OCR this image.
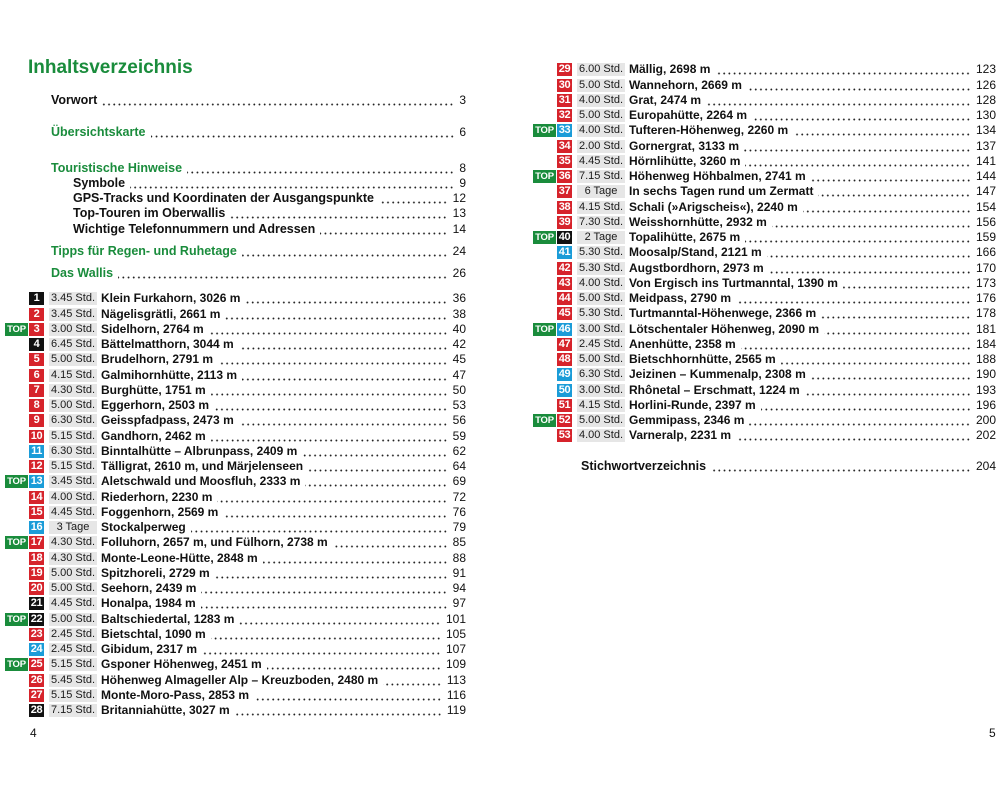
Inhaltsverzeichnis
Vorwort	3
Übersichtskarte	6
Touristische Hinweise	8
Symbole	9
GPS-Tracks und Koordinaten der Ausgangspunkte	12
Top-Touren im Oberwallis	13
Wichtige Telefonnummern und Adressen	14
Tipps für Regen- und Ruhetage	24
Das Wallis	26
1	3.45 Std. Klein Furkahorn, 3026 m	36
2	3.45 Std. Nägelisgrätli, 2661 m	38
TOP 3	3.00 Std. Sidelhorn, 2764 m	40
4	6.45 Std. Bättelmatthorn, 3044 m	42
5	5.00 Std. Brudelhorn, 2791 m	45
6	4.15 Std. Galmihornhütte, 2113 m	47
7	4.30 Std. Burghütte, 1751 m	50
8	5.00 Std. Eggerhorn, 2503 m	53
9	6.30 Std. Geisspfadpass, 2473 m	56
10 5.15 Std. Gandhorn, 2462 m	59
11 6.30 Std. Binntalhütte – Albrunpass, 2409 m	62
12 5.15 Std. Tälligrat, 2610 m, und Märjelenseen	64
TOP 13 3.45 Std. Aletschwald und Moosfluh, 2333 m	69
14 4.00 Std. Riederhorn, 2230 m	72
15 4.45 Std. Foggenhorn, 2569 m	76
16	3 Tage Stockalperweg	79
TOP 17 4.30 Std. Folluhorn, 2657 m, und Fülhorn, 2738 m	85
18 4.30 Std. Monte-Leone-Hütte, 2848 m	88
19 5.00 Std. Spitzhoreli, 2729 m	91
20 5.00 Std. Seehorn, 2439 m	94
21 4.45 Std. Honalpa, 1984 m	97
TOP 22 5.00 Std. Baltschiedertal, 1283 m	101
23 2.45 Std. Bietschtal, 1090 m	105
24 2.45 Std. Gibidum, 2317 m	107
TOP 25 5.15 Std. Gsponer Höhenweg, 2451 m	109
26 5.45 Std. Höhenweg Almageller Alp – Kreuzboden, 2480 m	113
27 5.15 Std. Monte-Moro-Pass, 2853 m	116
28 7.15 Std. Britanniahütte, 3027 m	119
4
29 6.00 Std. Mällig, 2698 m	123
30 5.00 Std. Wannehorn, 2669 m	126
31 4.00 Std. Grat, 2474 m	128
32 5.00 Std. Europahütte, 2264 m	130
TOP 33 4.00 Std. Tufteren-Höhenweg, 2260 m	134
34 2.00 Std. Gornergrat, 3133 m	137
35 4.45 Std. Hörnlihütte, 3260 m	141
TOP 36 7.15 Std. Höhenweg Höhbalmen, 2741 m	144
37	6 Tage In sechs Tagen rund um Zermatt	147
38 4.15 Std. Schali (»Arigscheis«), 2240 m	154
39 7.30 Std. Weisshornhütte, 2932 m	156
TOP 40	2 Tage Topalihütte, 2675 m	159
41 5.30 Std. Moosalp/Stand, 2121 m	166
42 5.30 Std. Augstbordhorn, 2973 m	170
43 4.00 Std. Von Ergisch ins Turtmanntal, 1390 m	173
44 5.00 Std. Meidpass, 2790 m	176
45 5.30 Std. Turtmanntal-Höhenwege, 2366 m	178
TOP 46 3.00 Std. Lötschentaler Höhenweg, 2090 m	181
47 2.45 Std. Anenhütte, 2358 m	184
48 5.00 Std. Bietschhornhütte, 2565 m	188
49 6.30 Std. Jeizinen – Kummenalp, 2308 m	190
50 3.00 Std. Rhônetal – Erschmatt, 1224 m	193
51 4.15 Std. Horlini-Runde, 2397 m	196
TOP 52 5.00 Std. Gemmipass, 2346 m	200
53 4.00 Std. Varneralp, 2231 m	202
Stichwortverzeichnis	204
5
